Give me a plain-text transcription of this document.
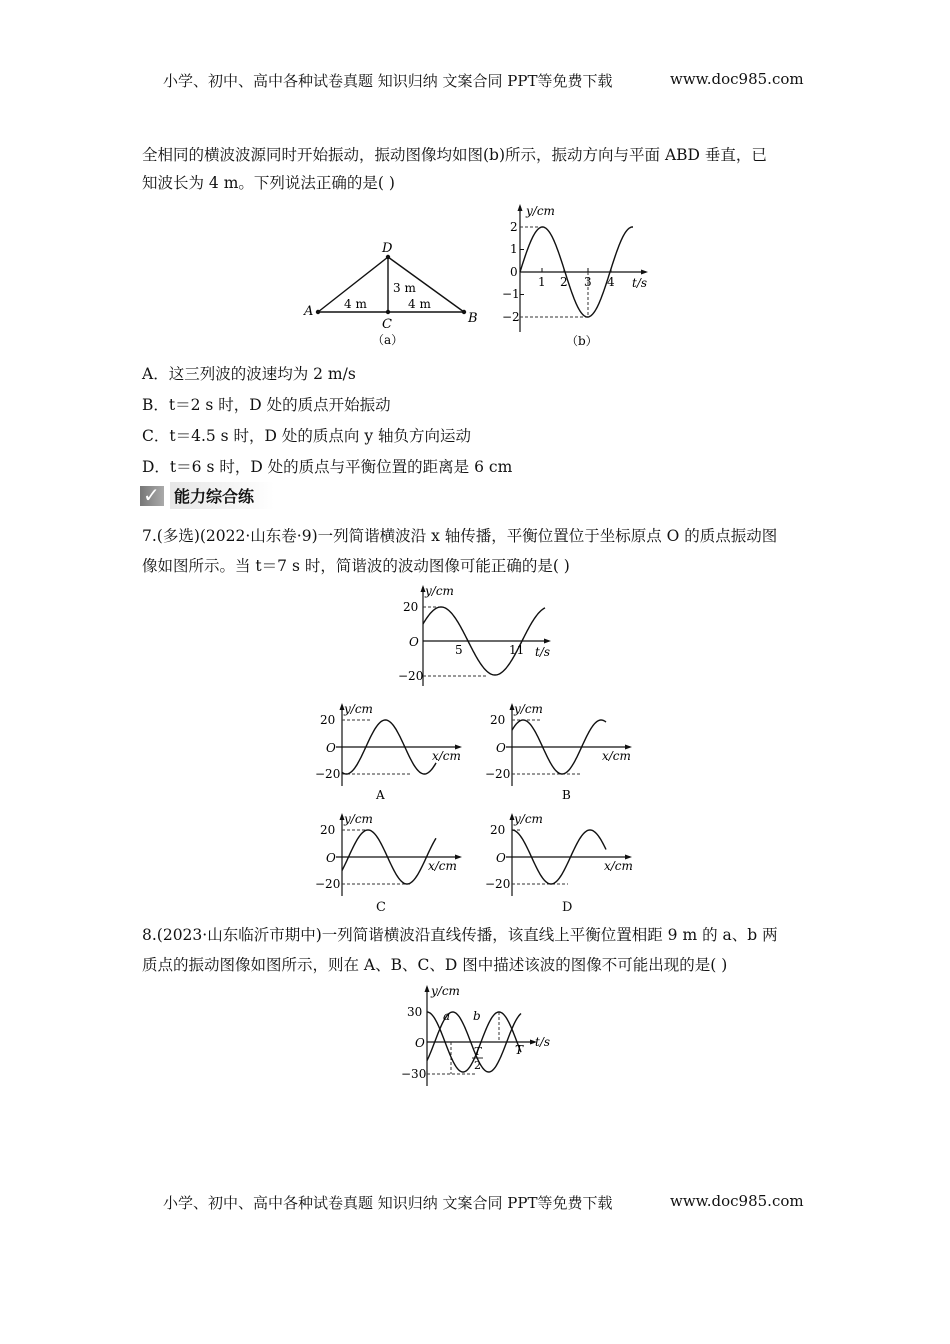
小学、初中、高中各种试卷真题 知识归纳 文案合同 PPT等免费下载	www.doc985.com
全相同的横波波源同时开始振动，振动图像均如图(b)所示，振动方向与平面 ABD 垂直，已
知波长为 4 m。下列说法正确的是( )
A	B
C
D
4 m	4 m
3 m
（a）
y/cm
t/s
2
1
0
−1
−2
1 2 3 4
（b）
A．这三列波的波速均为 2 m/s
B．t＝2 s 时，D 处的质点开始振动
C．t＝4.5 s 时，D 处的质点向 y 轴负方向运动
D．t＝6 s 时，D 处的质点与平衡位置的距离是 6 cm
✓ 能力综合练
7.(多选)(2022·山东卷·9)一列简谐横波沿 x 轴传播，平衡位置位于坐标原点 O 的质点振动图
像如图所示。当 t＝7 s 时，简谐波的波动图像可能正确的是( )
y/cm
t/s
20
−20
O
5	11
y/cm
x/cm
20
−20
O
A
y/cm
x/cm
20
−20
O
B
y/cm
x/cm
20
−20
O
C
y/cm
x/cm
20
−20
O
D
8.(2023·山东临沂市期中)一列简谐横波沿直线传播，该直线上平衡位置相距 9 m 的 a、b 两
质点的振动图像如图所示，则在 A、B、C、D 图中描述该波的图像不可能出现的是( )
y/cm
t/s
30
−30
O
a b
T
2
T
小学、初中、高中各种试卷真题 知识归纳 文案合同 PPT等免费下载	www.doc985.com
